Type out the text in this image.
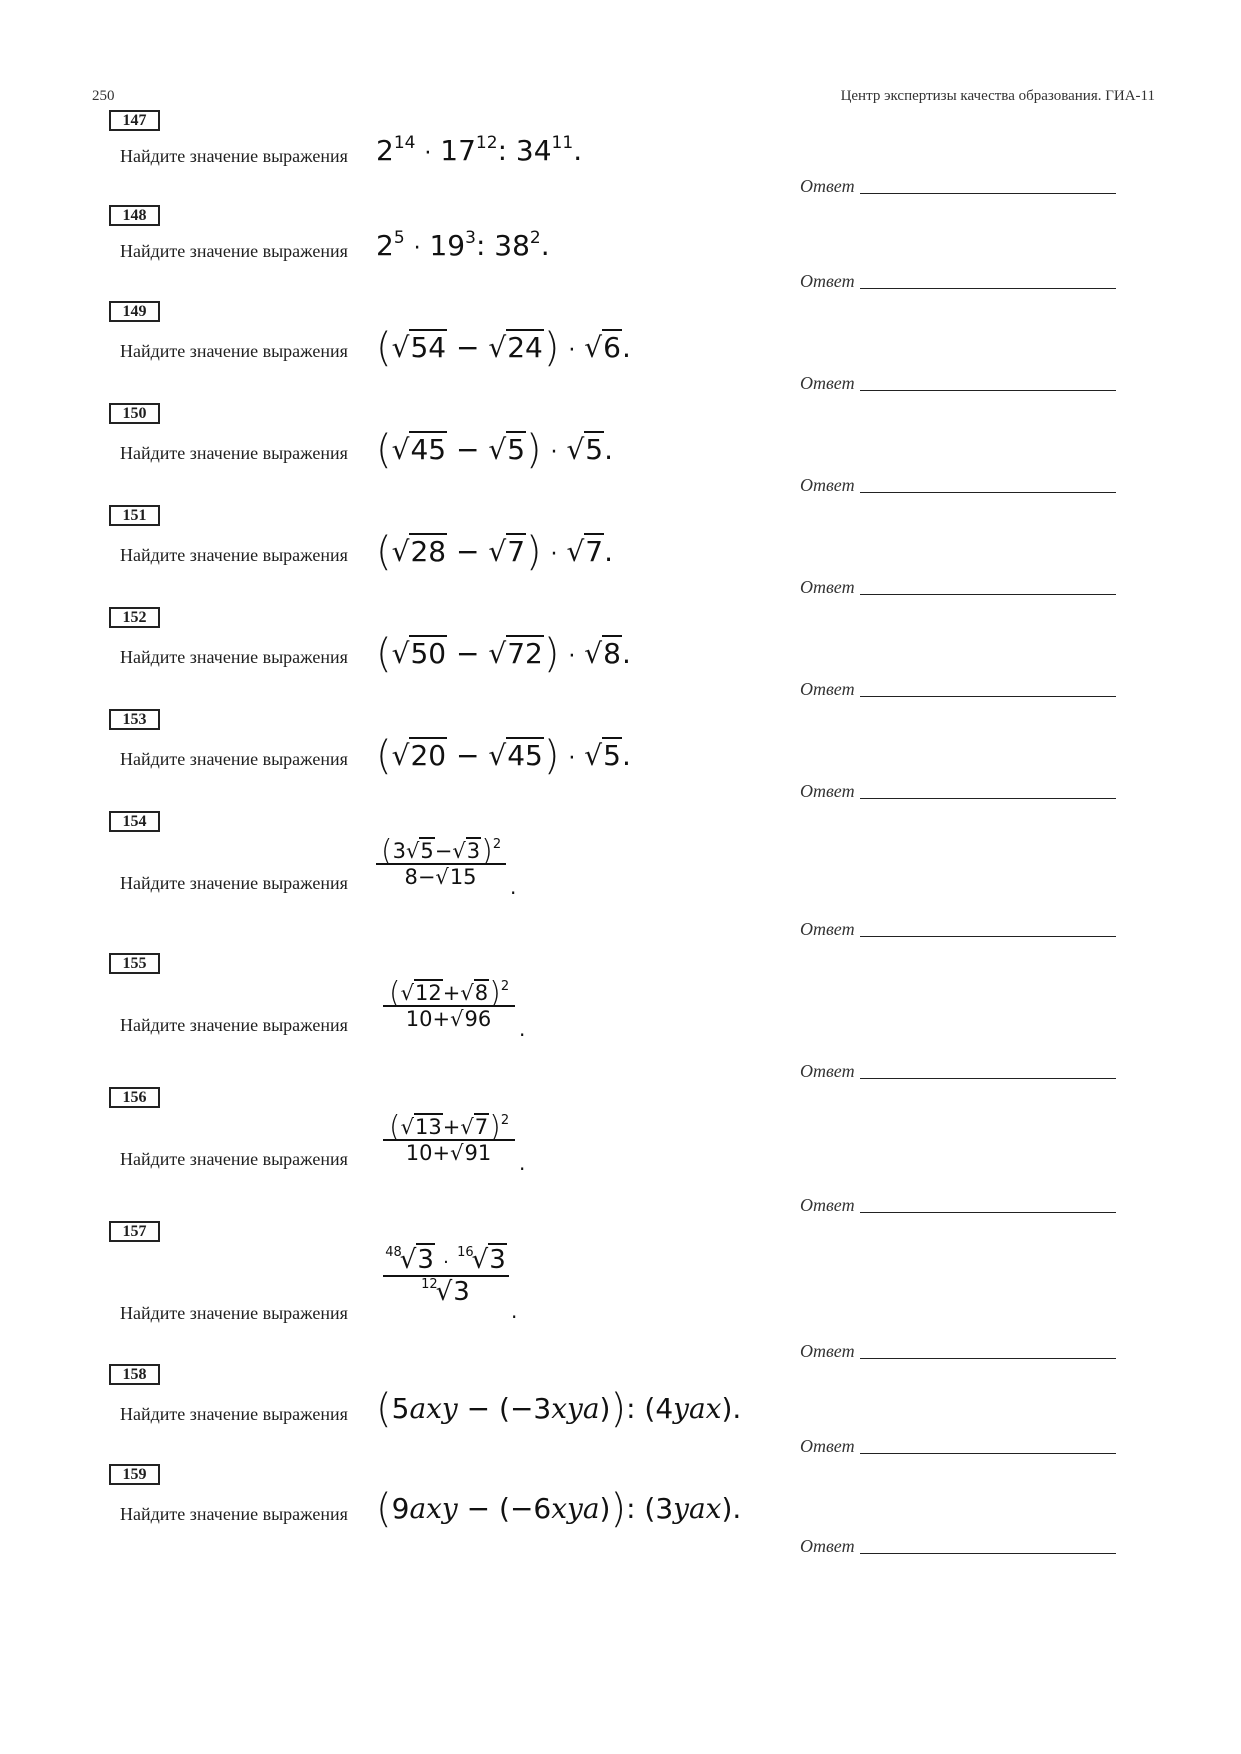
250	Центр экспертизы качества образования. ГИА-11
147
Найдите значение выражения $2^{14} \cdot 17^{12}$: $34^{11}$.
Ответ
148
Найдите значение выражения $2^5 \cdot 19^3$: $38^2$.
Ответ
149
Найдите значение выражения (√54 − √24) · √6.
Ответ
150
Найдите значение выражения (√45 − √5) · √5.
Ответ
151
Найдите значение выражения (√28 − √7) · √7.
Ответ
152
Найдите значение выражения (√50 − √72) · √8.
Ответ
153
Найдите значение выражения (√20 − √45) · √5.
Ответ
154
Найдите значение выражения
$(3√5-√3)^2$
8−√15	.
Ответ
155
Найдите значение выражения
$(√12+√8)^2$
10+√96	.
Ответ
156
Найдите значение выражения
$(√13+√7)^2$
10+√91	.
Ответ
157
Найдите значение выражения
$^{48}$√3 · $^{16}$√3
$^{12}$√3
.
Ответ
158
Найдите значение выражения (5axy − (−3xya)): (4yax).
Ответ
159
Найдите значение выражения (9axy − (−6xya)): (3yax).
Ответ
